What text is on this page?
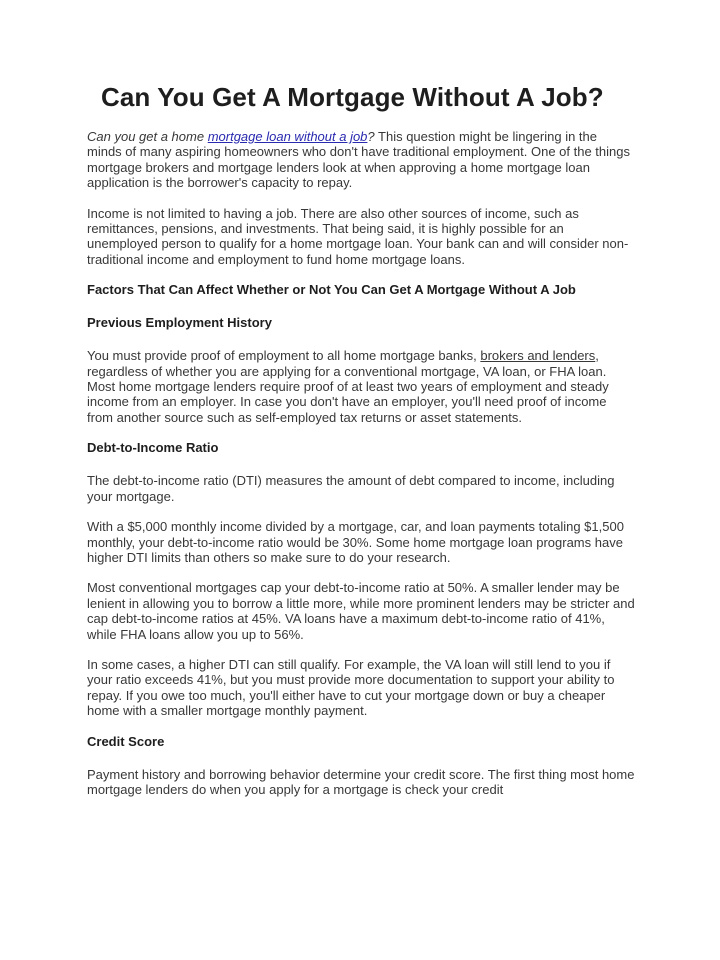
Can You Get A Mortgage Without A Job?

Can you get a home mortgage loan without a job? This question might be lingering in the minds of many aspiring homeowners who don't have traditional employment. One of the things mortgage brokers and mortgage lenders look at when approving a home mortgage loan application is the borrower's capacity to repay.

Income is not limited to having a job. There are also other sources of income, such as remittances, pensions, and investments. That being said, it is highly possible for an unemployed person to qualify for a home mortgage loan. Your bank can and will consider non-traditional income and employment to fund home mortgage loans.

Factors That Can Affect Whether or Not You Can Get A Mortgage Without A Job
Previous Employment History

You must provide proof of employment to all home mortgage banks, brokers and lenders, regardless of whether you are applying for a conventional mortgage, VA loan, or FHA loan.

Most home mortgage lenders require proof of at least two years of employment and steady income from an employer. In case you don't have an employer, you'll need proof of income from another source such as self-employed tax returns or asset statements.

Debt-to-Income Ratio

The debt-to-income ratio (DTI) measures the amount of debt compared to income, including your mortgage.

With a $5,000 monthly income divided by a mortgage, car, and loan payments totaling $1,500 monthly, your debt-to-income ratio would be 30%. Some home mortgage loan programs have higher DTI limits than others so make sure to do your research.

Most conventional mortgages cap your debt-to-income ratio at 50%. A smaller lender may be lenient in allowing you to borrow a little more, while more prominent lenders may be stricter and cap debt-to-income ratios at 45%. VA loans have a maximum debt-to-income ratio of 41%, while FHA loans allow you up to 56%.

In some cases, a higher DTI can still qualify. For example, the VA loan will still lend to you if your ratio exceeds 41%, but you must provide more documentation to support your ability to repay. If you owe too much, you'll either have to cut your mortgage down or buy a cheaper home with a smaller mortgage monthly payment.

Credit Score

Payment history and borrowing behavior determine your credit score. The first thing most home mortgage lenders do when you apply for a mortgage is check your credit
